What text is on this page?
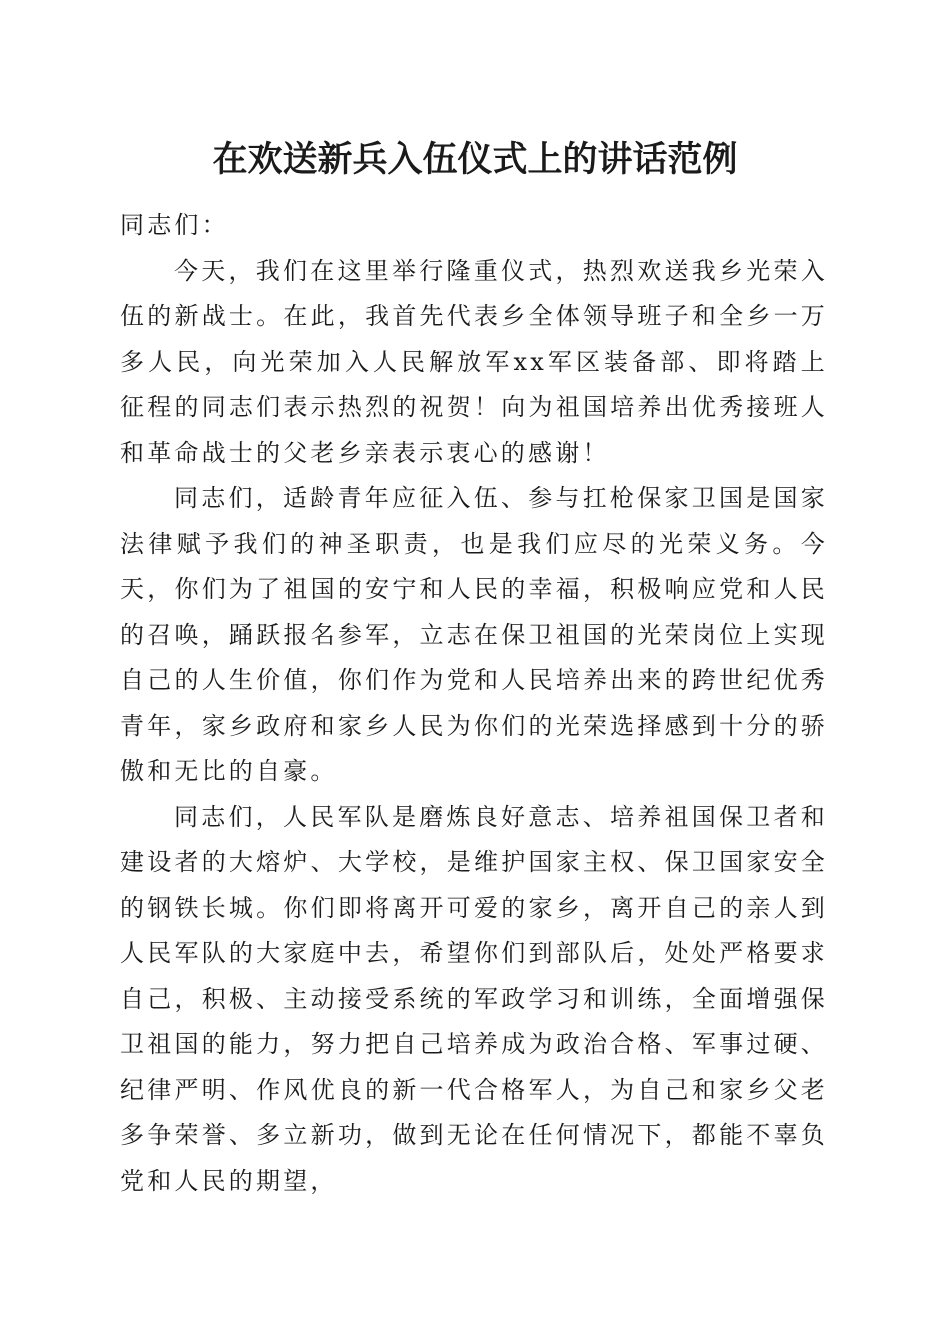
在欢送新兵入伍仪式上的讲话范例

同志们：

今天，我们在这里举行隆重仪式，热烈欢送我乡光荣入伍的新战士。在此，我首先代表乡全体领导班子和全乡一万多人民，向光荣加入人民解放军xx军区装备部、即将踏上征程的同志们表示热烈的祝贺！向为祖国培养出优秀接班人和革命战士的父老乡亲表示衷心的感谢！

同志们，适龄青年应征入伍、参与扛枪保家卫国是国家法律赋予我们的神圣职责，也是我们应尽的光荣义务。今天，你们为了祖国的安宁和人民的幸福，积极响应党和人民的召唤，踊跃报名参军，立志在保卫祖国的光荣岗位上实现自己的人生价值，你们作为党和人民培养出来的跨世纪优秀青年，家乡政府和家乡人民为你们的光荣选择感到十分的骄傲和无比的自豪。

同志们，人民军队是磨炼良好意志、培养祖国保卫者和建设者的大熔炉、大学校，是维护国家主权、保卫国家安全的钢铁长城。你们即将离开可爱的家乡，离开自己的亲人到人民军队的大家庭中去，希望你们到部队后，处处严格要求自己，积极、主动接受系统的军政学习和训练，全面增强保卫祖国的能力，努力把自己培养成为政治合格、军事过硬、纪律严明、作风优良的新一代合格军人，为自己和家乡父老多争荣誉、多立新功，做到无论在任何情况下，都能不辜负党和人民的期望，
